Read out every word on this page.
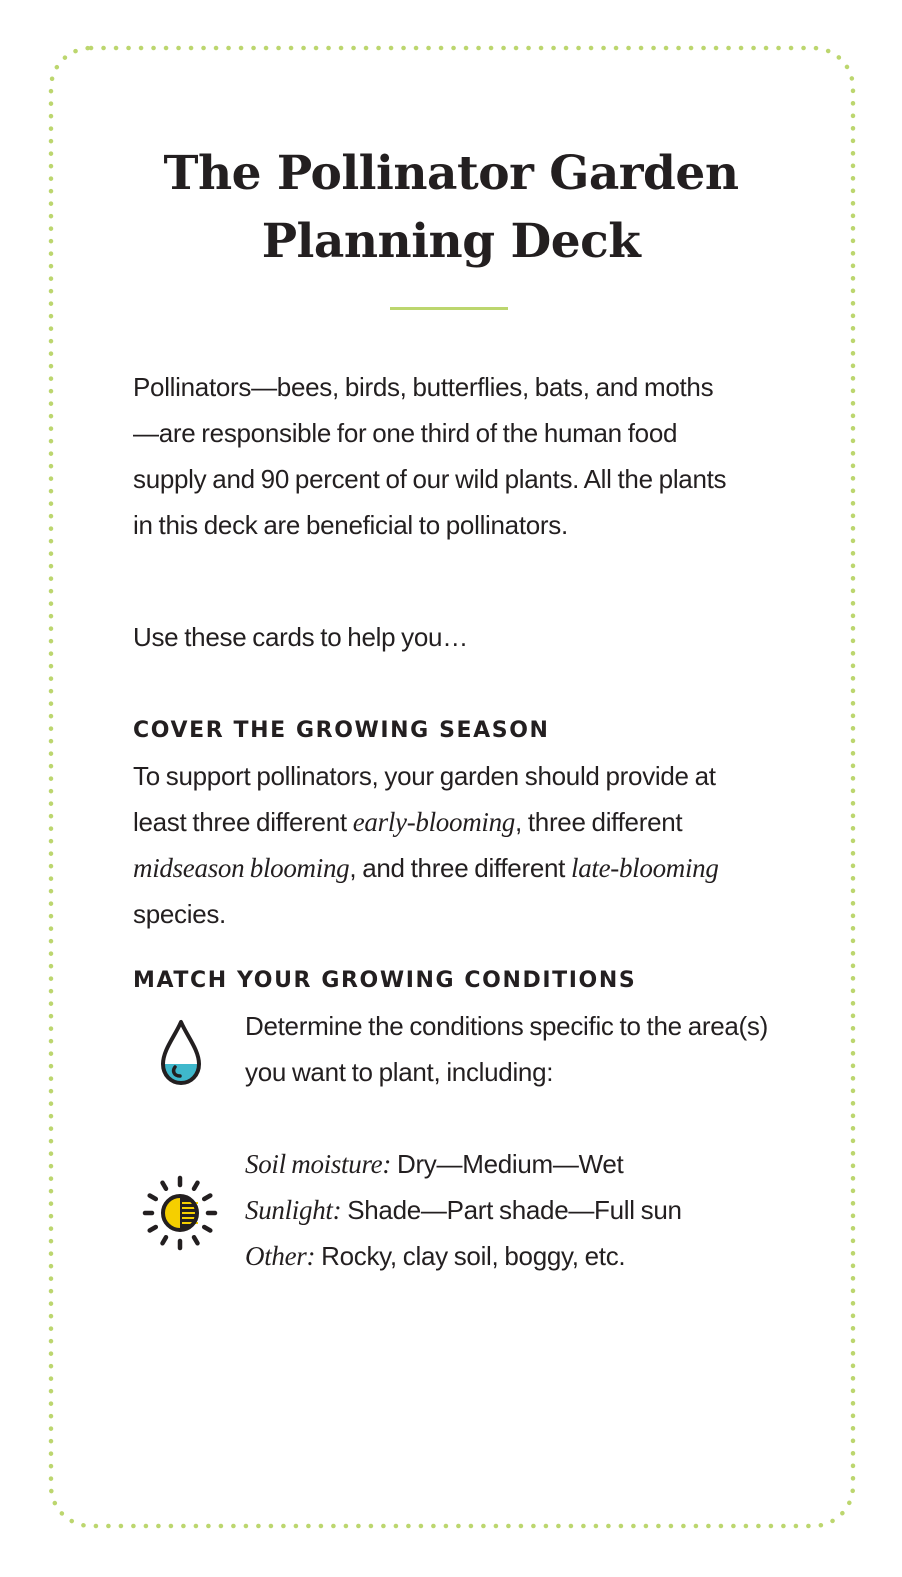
The Pollinator Garden
Planning Deck

Pollinators—bees, birds, butterflies, bats, and moths—are responsible for one third of the human food supply and 90 percent of our wild plants. All the plants in this deck are beneficial to pollinators.

Use these cards to help you…

COVER THE GROWING SEASON

To support pollinators, your garden should provide at least three different early-blooming, three different midseason blooming, and three different late-blooming species.

MATCH YOUR GROWING CONDITIONS

Determine the conditions specific to the area(s) you want to plant, including:

Soil moisture: Dry—Medium—Wet
Sunlight: Shade—Part shade—Full sun
Other: Rocky, clay soil, boggy, etc.
